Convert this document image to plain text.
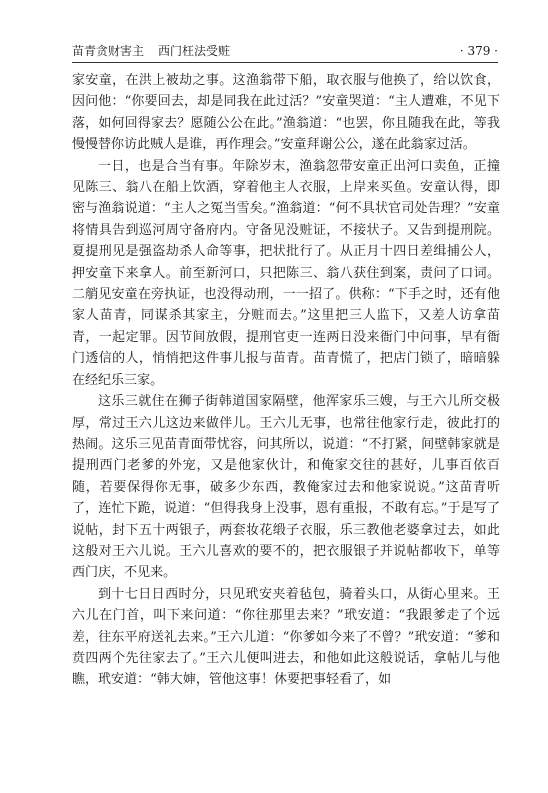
苗青贪财害主 西门枉法受赃	· 379 ·

家安童，在洪上被劫之事。这渔翁带下船，取衣服与他换了，给以饮食，因问他：“你要回去，却是同我在此过活？”安童哭道：“主人遭难，不见下落，如何回得家去？愿随公公在此。”渔翁道：“也罢，你且随我在此，等我慢慢替你访此贼人是谁，再作理会。”安童拜谢公公，遂在此翁家过活。

一日，也是合当有事。年除岁末，渔翁忽带安童正出河口卖鱼，正撞见陈三、翁八在船上饮酒，穿着他主人衣服，上岸来买鱼。安童认得，即密与渔翁说道：“主人之冤当雪矣。”渔翁道：“何不具状官司处告理？”安童将情具告到巡河周守备府内。守备见没赃证，不接状子。又告到提刑院。夏提刑见是强盗劫杀人命等事，把状批行了。从正月十四日差缉捕公人，押安童下来拿人。前至新河口，只把陈三、翁八获住到案，责问了口词。二艄见安童在旁执证，也没得动刑，一一招了。供称：“下手之时，还有他家人苗青，同谋杀其家主，分赃而去。”这里把三人监下，又差人访拿苗青，一起定罪。因节间放假，提刑官吏一连两日没来衙门中问事，早有衙门透信的人，悄悄把这件事儿报与苗青。苗青慌了，把店门锁了，暗暗躲在经纪乐三家。

这乐三就住在狮子街韩道国家隔壁，他浑家乐三嫂，与王六儿所交极厚，常过王六儿这边来做伴儿。王六儿无事，也常往他家行走，彼此打的热闹。这乐三见苗青面带忧容，问其所以，说道：“不打紧，间壁韩家就是提刑西门老爹的外宠，又是他家伙计，和俺家交往的甚好，儿事百依百随，若要保得你无事，破多少东西，教俺家过去和他家说说。”这苗青听了，连忙下跪，说道：“但得我身上没事，恩有重报，不敢有忘。”于是写了说帖，封下五十两银子，两套妆花缎子衣服，乐三教他老婆拿过去，如此这般对王六儿说。王六儿喜欢的要不的，把衣服银子并说帖都收下，单等西门庆，不见来。

到十七日日西时分，只见玳安夹着毡包，骑着头口，从街心里来。王六儿在门首，叫下来问道：“你往那里去来？”玳安道：“我跟爹走了个远差，往东平府送礼去来。”王六儿道：“你爹如今来了不曾？”玳安道：“爹和贲四两个先往家去了。”王六儿便叫进去，和他如此这般说话，拿帖儿与他瞧，玳安道：“韩大婶，管他这事！休要把事轻看了，如
